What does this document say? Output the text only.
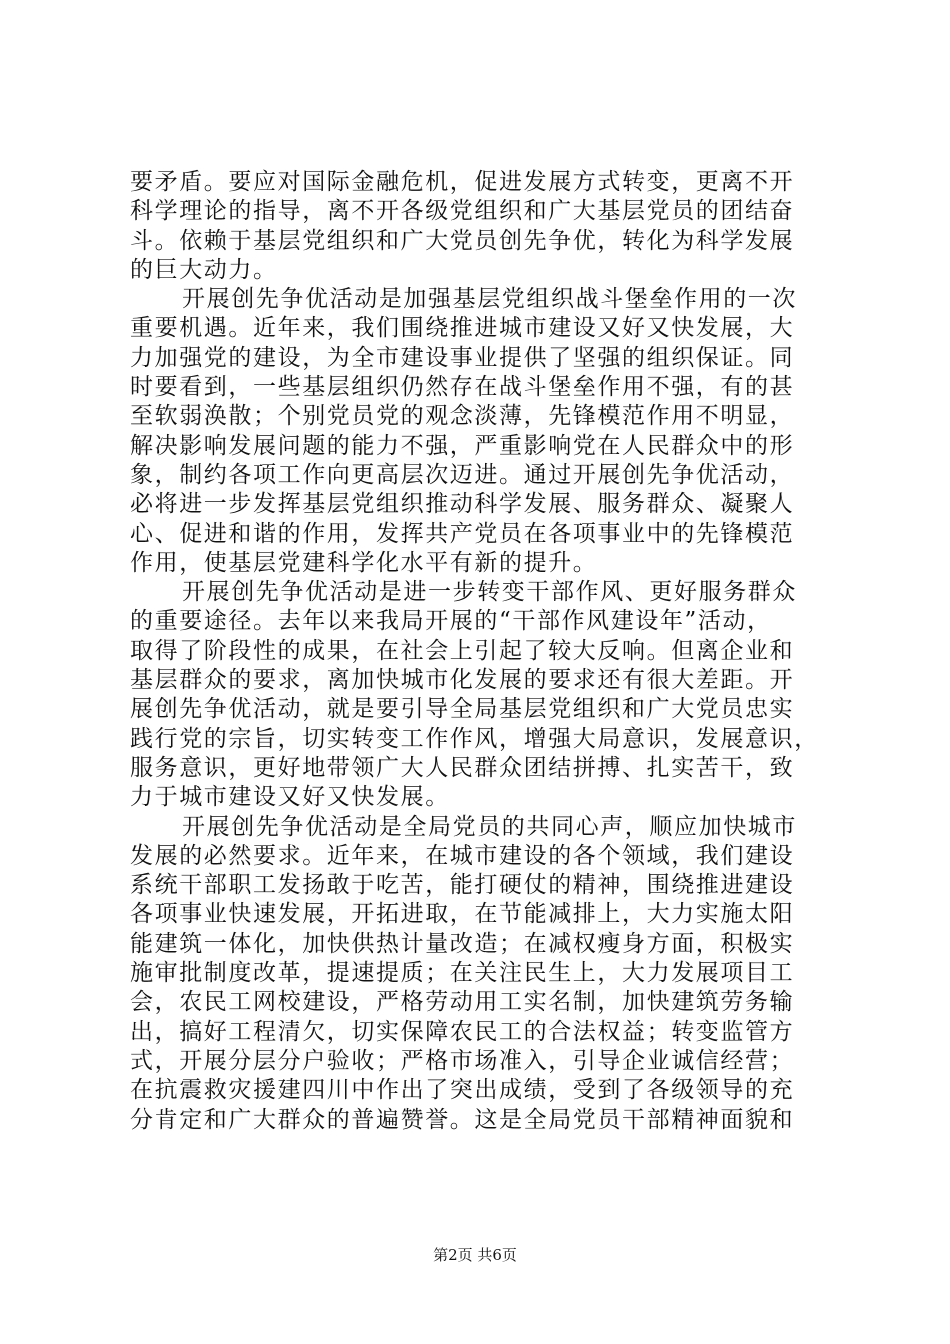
要矛盾。要应对国际金融危机，促进发展方式转变，更离不开
科学理论的指导，离不开各级党组织和广大基层党员的团结奋
斗。依赖于基层党组织和广大党员创先争优，转化为科学发展
的巨大动力。
开展创先争优活动是加强基层党组织战斗堡垒作用的一次
重要机遇。近年来，我们围绕推进城市建设又好又快发展，大
力加强党的建设，为全市建设事业提供了坚强的组织保证。同
时要看到，一些基层组织仍然存在战斗堡垒作用不强，有的甚
至软弱涣散；个别党员党的观念淡薄，先锋模范作用不明显，
解决影响发展问题的能力不强，严重影响党在人民群众中的形
象，制约各项工作向更高层次迈进。通过开展创先争优活动，
必将进一步发挥基层党组织推动科学发展、服务群众、凝聚人
心、促进和谐的作用，发挥共产党员在各项事业中的先锋模范
作用，使基层党建科学化水平有新的提升。
开展创先争优活动是进一步转变干部作风、更好服务群众
的重要途径。去年以来我局开展的“干部作风建设年”活动，
取得了阶段性的成果，在社会上引起了较大反响。但离企业和
基层群众的要求，离加快城市化发展的要求还有很大差距。开
展创先争优活动，就是要引导全局基层党组织和广大党员忠实
践行党的宗旨，切实转变工作作风，增强大局意识，发展意识，
服务意识，更好地带领广大人民群众团结拼搏、扎实苦干，致
力于城市建设又好又快发展。
开展创先争优活动是全局党员的共同心声，顺应加快城市
发展的必然要求。近年来，在城市建设的各个领域，我们建设
系统干部职工发扬敢于吃苦，能打硬仗的精神，围绕推进建设
各项事业快速发展，开拓进取，在节能减排上，大力实施太阳
能建筑一体化，加快供热计量改造；在减权瘦身方面，积极实
施审批制度改革，提速提质；在关注民生上，大力发展项目工
会，农民工网校建设，严格劳动用工实名制，加快建筑劳务输
出，搞好工程清欠，切实保障农民工的合法权益；转变监管方
式，开展分层分户验收；严格市场准入，引导企业诚信经营；
在抗震救灾援建四川中作出了突出成绩，受到了各级领导的充
分肯定和广大群众的普遍赞誉。这是全局党员干部精神面貌和
第2页 共6页
